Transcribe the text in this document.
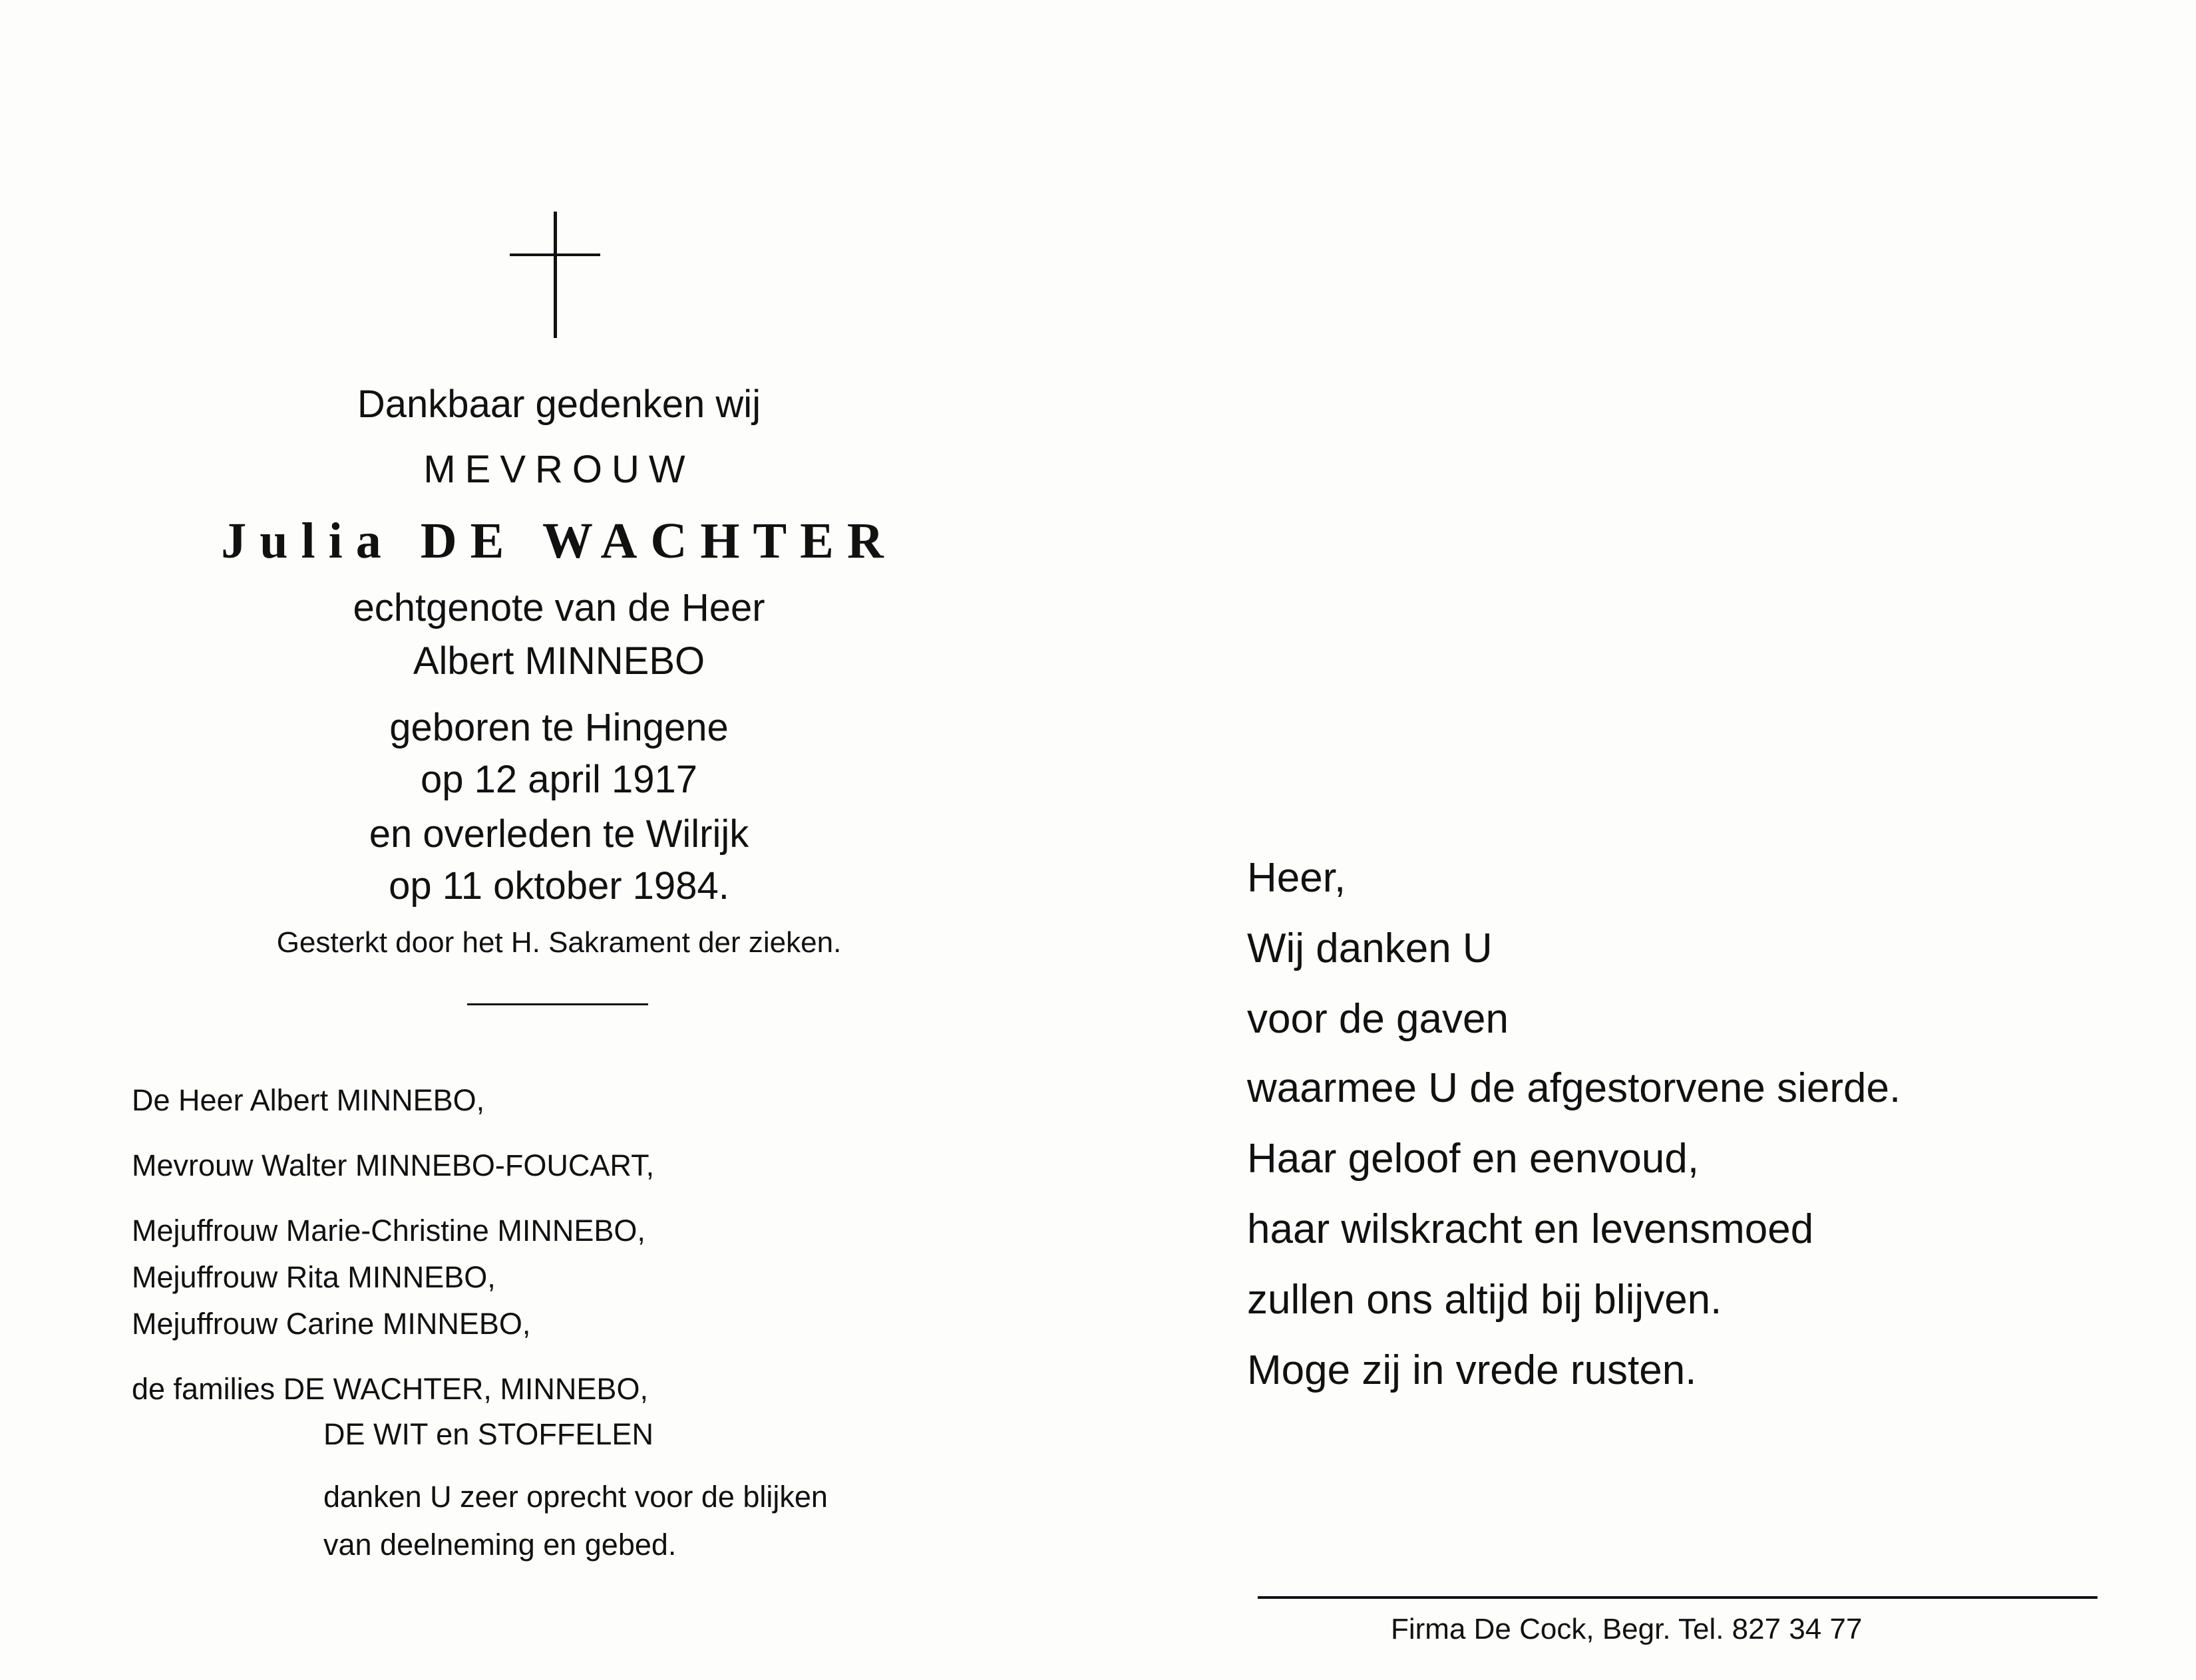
Dankbaar gedenken wij
MEVROUW
Julia DE WACHTER
echtgenote van de Heer
Albert MINNEBO
geboren te Hingene
op 12 april 1917
en overleden te Wilrijk
op 11 oktober 1984.
Gesterkt door het H. Sakrament der zieken.
De Heer Albert MINNEBO,
Mevrouw Walter MINNEBO-FOUCART,
Mejuffrouw Marie-Christine MINNEBO,
Mejuffrouw Rita MINNEBO,
Mejuffrouw Carine MINNEBO,
de families DE WACHTER, MINNEBO,
DE WIT en STOFFELEN
danken U zeer oprecht voor de blijken
van deelneming en gebed.
Heer,
Wij danken U
voor de gaven
waarmee U de afgestorvene sierde.
Haar geloof en eenvoud,
haar wilskracht en levensmoed
zullen ons altijd bij blijven.
Moge zij in vrede rusten.
Firma De Cock, Begr. Tel. 827 34 77
